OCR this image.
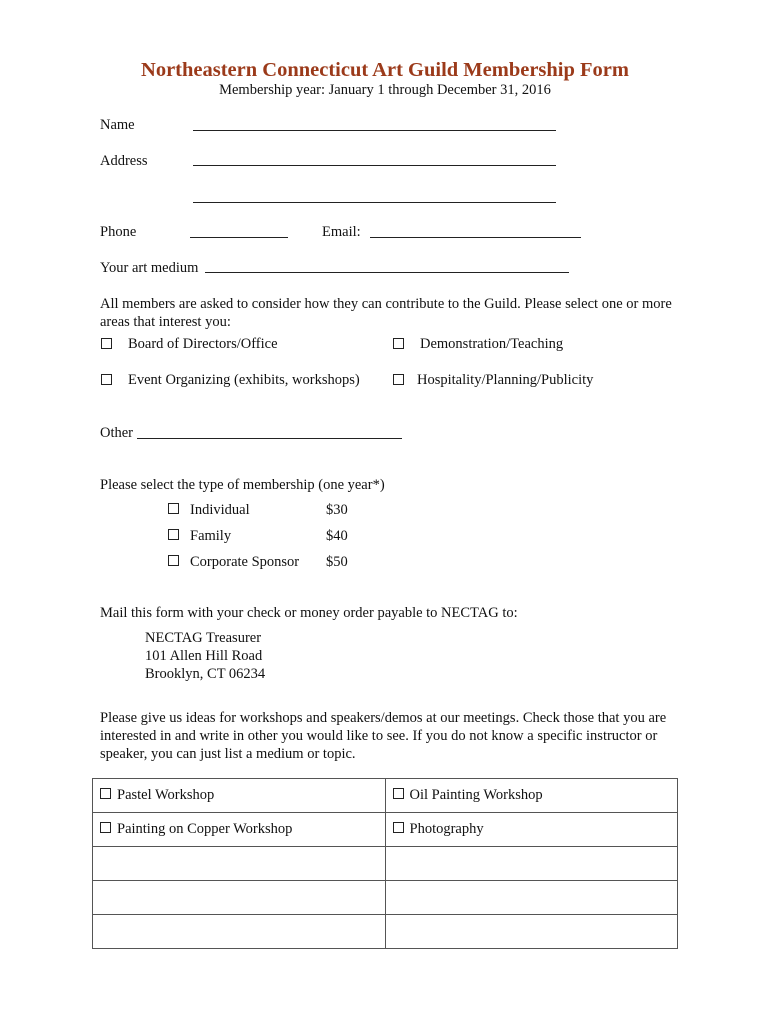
Northeastern Connecticut Art Guild Membership Form
Membership year: January 1 through December 31, 2016
Name
Address
Phone	Email:
Your art medium
All members are asked to consider how they can contribute to the Guild. Please select one or more areas that interest you:
Board of Directors/Office	Demonstration/Teaching
Event Organizing (exhibits, workshops)	Hospitality/Planning/Publicity
Other
Please select the type of membership (one year*)
Individual	$30
Family	$40
Corporate Sponsor $50
Mail this form with your check or money order payable to NECTAG to:
NECTAG Treasurer
101 Allen Hill Road
Brooklyn, CT 06234
Please give us ideas for workshops and speakers/demos at our meetings. Check those that you are interested in and write in other you would like to see. If you do not know a specific instructor or speaker, you can just list a medium or topic.
Pastel Workshop	Oil Painting Workshop
Painting on Copper Workshop	Photography
